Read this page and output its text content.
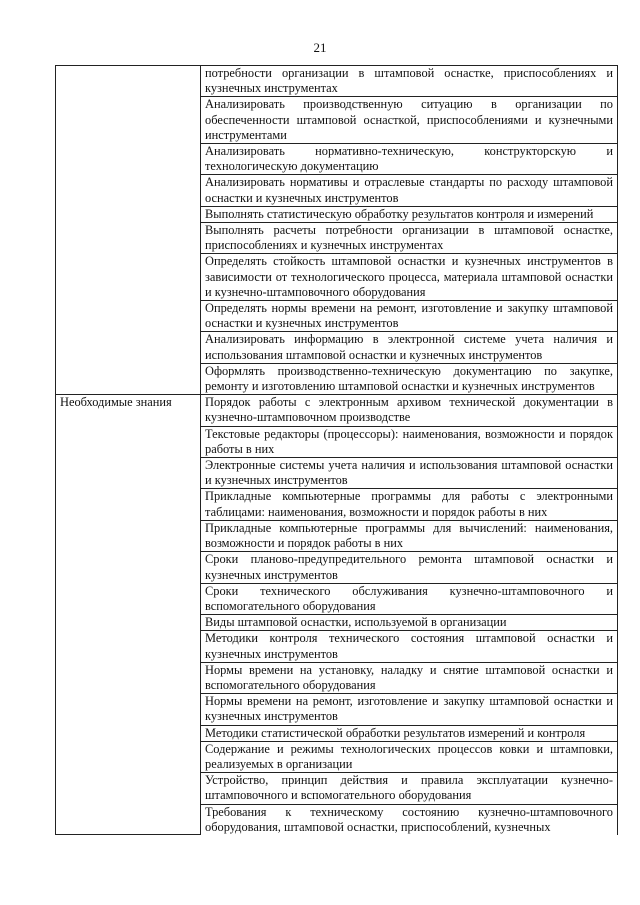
21
	потребности организации в штамповой оснастке, приспособлениях и кузнечных инструментах
	Анализировать производственную ситуацию в организации по обеспеченности штамповой оснасткой, приспособлениями и кузнечными инструментами
	Анализировать нормативно-техническую, конструкторскую и технологическую документацию
	Анализировать нормативы и отраслевые стандарты по расходу штамповой оснастки и кузнечных инструментов
	Выполнять статистическую обработку результатов контроля и измерений
	Выполнять расчеты потребности организации в штамповой оснастке, приспособлениях и кузнечных инструментах
	Определять стойкость штамповой оснастки и кузнечных инструментов в зависимости от технологического процесса, материала штамповой оснастки и кузнечно-штамповочного оборудования
	Определять нормы времени на ремонт, изготовление и закупку штамповой оснастки и кузнечных инструментов
	Анализировать информацию в электронной системе учета наличия и использования штамповой оснастки и кузнечных инструментов
	Оформлять производственно-техническую документацию по закупке, ремонту и изготовлению штамповой оснастки и кузнечных инструментов
Необходимые знания	Порядок работы с электронным архивом технической документации в кузнечно-штамповочном производстве
	Текстовые редакторы (процессоры): наименования, возможности и порядок работы в них
	Электронные системы учета наличия и использования штамповой оснастки и кузнечных инструментов
	Прикладные компьютерные программы для работы с электронными таблицами: наименования, возможности и порядок работы в них
	Прикладные компьютерные программы для вычислений: наименования, возможности и порядок работы в них
	Сроки планово-предупредительного ремонта штамповой оснастки и кузнечных инструментов
	Сроки технического обслуживания кузнечно-штамповочного и вспомогательного оборудования
	Виды штамповой оснастки, используемой в организации
	Методики контроля технического состояния штамповой оснастки и кузнечных инструментов
	Нормы времени на установку, наладку и снятие штамповой оснастки и вспомогательного оборудования
	Нормы времени на ремонт, изготовление и закупку штамповой оснастки и кузнечных инструментов
	Методики статистической обработки результатов измерений и контроля
	Содержание и режимы технологических процессов ковки и штамповки, реализуемых в организации
	Устройство, принцип действия и правила эксплуатации кузнечно-штамповочного и вспомогательного оборудования
	Требования к техническому состоянию кузнечно-штамповочного оборудования, штамповой оснастки, приспособлений, кузнечных
